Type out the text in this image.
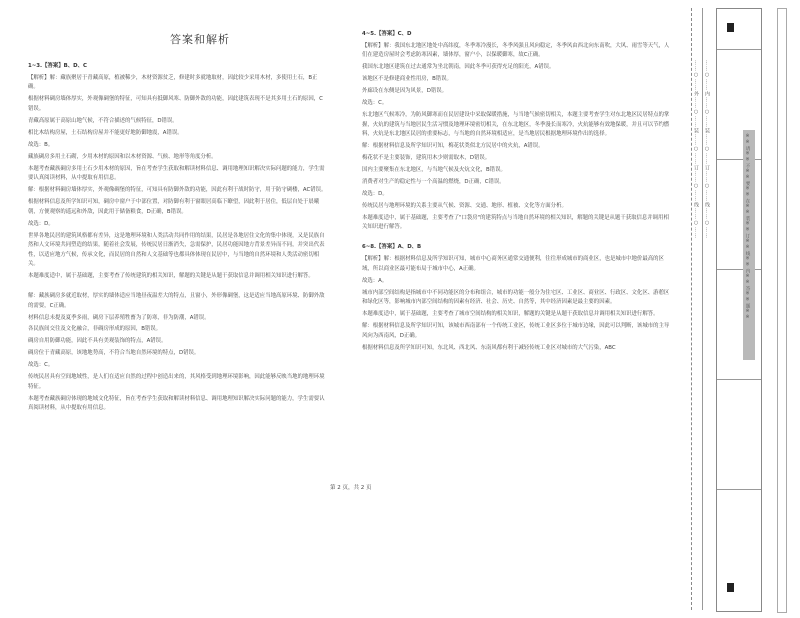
答案和解析

1~3.【答案】B、D、C

【解析】解：藏族聚居于青藏高原，植被稀少，木材资源贫乏，修建时多就地取材，因此较少采用木材，多使用土石，B正确。

根据材料碉房墙体厚实，外观像碉堡的特征，可知具有抵御风寒、防御外敌的功能，因此建筑表现不是其多用土石的原因，C错误。

青藏高原属于高原山地气候，不符合描述的气候特征，D错误。

相比木结构房屋，土石结构房屋并不能更好地防御地震，A错误。

故选：B。

藏族碉房多用土石砌，少用木材的原因和以木材资源、气候、地形等角度分析。

本题考查藏族碉房多用土石少用木材的原因，旨在考查学生获取和解读材料信息、调用地理知识解决实际问题的能力，学生需要认真阅读材料，从中提取有用信息。

解：根据材料碉房墙体厚实，外观像碉堡的特征，可知具有防御外敌的功能，因此有利于战时防守，用于防守碉楼，AC错误。

根据材料信息及所学知识可知，碉房中窗户于中部位置，对防御有利于窗眼居高临下瞭望，因此利于居住，低层自处于晨曦朝，方便观察的遥远和外敌，因此用于储备粮食，D正确，B错误。

故选：D。

世界各地民居的建筑风格都有差异，这是地理环境和人类活动共同作用的结果，民居是各地居住文化的集中体现，又是民族自然和人文环境共同塑造的结果，随着社会发展，传统民居日渐消失，急需保护，民居功能因地方背景差异而不同，并突出代表性，以适应地方气候，传承文化，而民居的自然和人文基础等也都具体体现在民居中，与当地的自然环境和人类活动密切相关。

本题难度适中，属于基础题，主要考查了传统建筑的相关知识，解题的关键是从题干获取信息并调用相关知识进行解答。

解：藏族碉房多就近取材，厚实的墙体适应当地昼夜温差大的特点，且窗小，外形像碉堡，这是适应当地高原环境、防御外敌的需要，C正确。

材料信息未提及夏季多雨，碉房下层养殖牲畜为了防寒，非为防潮，A错误。

各民族间交往及文化融合，非碉房形成的原因，B错误。

碉房自用防御功能，因此不具有美观装饰的特点，A错误。

碉房位于青藏高原，该地地势高，不符合当地自然环境的特点，D错误。

故选：C。

传统民居具有空间地域性，是人们在适应自然的过程中创造出来的，其风格受到地理环境影响，因此能够反映当地的地理环境特征。

本题考查藏族碉房体现的地域文化特征，旨在考查学生获取和解读材料信息、调用地理知识解决实际问题的能力，学生需要认真阅读材料，从中提取有用信息。

4~5.【答案】C、D

【解析】解：我国东北地区地处中高纬度，冬季寒冷漫长，冬季风强且风向稳定，冬季风由西北向东南吹，大风、雨雪等天气，人们在建造房屋时会考虑防寒因素，墙体厚，窗户小，以保暖御寒，故C正确。

我国东北地区建筑在过去通常为坐北朝南，因此冬季可获得充足的阳光，A错误。

该地区不是修建商业性用房，B错误。

外廊设在东侧是因为风景，D错误。

故选：C。

东北地区气候寒冷，为防风御寒而在民居建设中采取保暖措施，与当地气候密切相关，本题主要考查学生对东北地区民居特点的掌握，火炕的建筑与当地居民生活习惯及地理环境密切相关，在东北地区，冬季漫长而寒冷，火炕能够有效地保暖，并且可以节约燃料，火炕是东北地区民居的重要标志，与当地的自然环境相适应，是当地居民根据地理环境作出的选择。

解：根据材料信息及所学知识可知，梅花状类似北方民居中的火炕，A错误。

梅花状不是主要装饰，建筑用木少则需取木，D错误。

国内主要聚集在东北地区，与当地气候及火炕文化，B错误。

消费者对生产的稳定性与一个高温的燃烧，D正确，C错误。

故选：D。

传统民居与地理环境的关系主要从气候、资源、交通、地形、植被、文化等方面分析。

本题难度适中，属于基础题，主要考查了"口袋房"的建筑特点与当地自然环境的相关知识，解题的关键是从题干获取信息并调用相关知识进行解答。

6~8.【答案】A、D、B

【解析】解：根据材料信息及所学知识可知，城市中心商务区通常交通便利，往往形成城市的商业区，也是城市中地价最高的区域，所以商业区最可能布局于城市中心，A正确。

故选：A。

城市内部空间结构是指城市中不同功能区的分布和组合，城市的功能一般分为住宅区、工业区、商业区、行政区、文化区、游憩区和绿化区等，影响城市内部空间结构的因素有经济、社会、历史、自然等，其中经济因素是最主要的因素。

本题难度适中，属于基础题，主要考查了城市空间结构的相关知识，解题的关键是从题干获取信息并调用相关知识进行解答。

解：根据材料信息及所学知识可知，该城市西南部有一个传统工业区，传统工业区多位于城市边缘，因此可以判断，该城市的主导风向为西南风，D正确。

根据材料信息及所学知识可知，东北风、西北风、东南风都有利于减轻传统工业区对城市的大气污染，ABC

第 2 页，共 2 页
……○……外……○……装……○……订……○……线……○…… ……○……内……○……装……○……订……○……线……○……	※※请※※不※※要※※在※※装※※订※※线※※内※※答※※题※※
